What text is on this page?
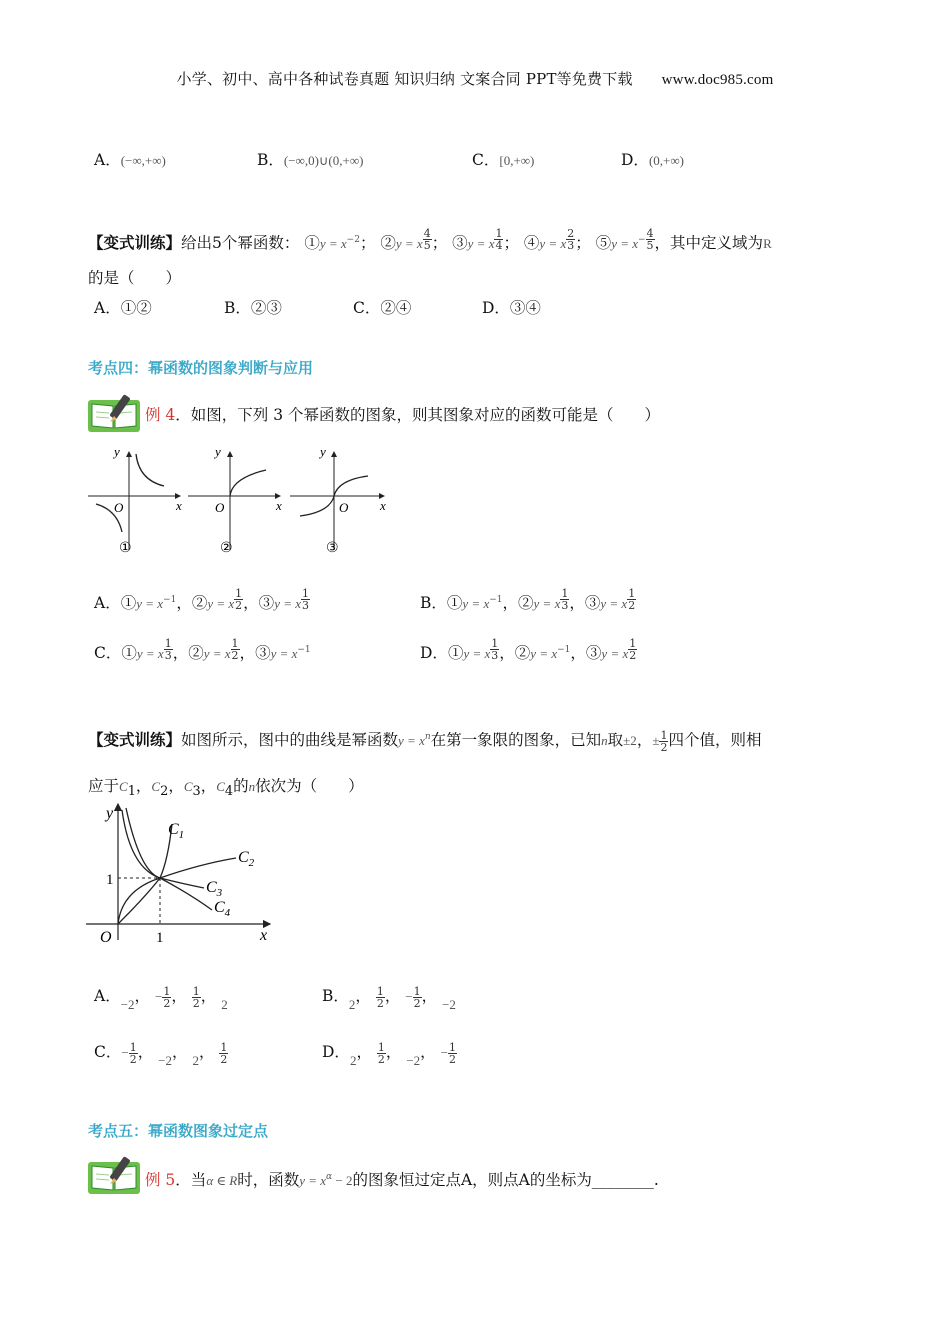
小学、初中、高中各种试卷真题 知识归纳 文案合同 PPT等免费下载 www.doc985.com
A．(−∞,+∞)	B．(−∞,0)∪(0,+∞)	C．[0,+∞)	D．(0,+∞)
【变式训练】给出5个幂函数： ①y = $x^{-2}$； ②y = x $^{\frac{4}{5}}$ ； ③y = x $^{\frac{1}{4}}$ ； ④y = x $^{\frac{2}{3}}$ ； ⑤y = $x^{- \frac{4}{5}}$ ，其中定义域为R
的是（　　）
A．①②	B．②③	C．②④	D．③④
考点四：幂函数的图象判断与应用
例 4．如图，下列 3 个幂函数的图象，则其图象对应的函数可能是（　　）
y
x
O
①
y
x
O
②
y
x
O
③
A．①y = $x^{-1}$，②y = x $^{\frac{1}{2}}$ ，③y = x $^{\frac{1}{3}}$	B．①y = $x^{-1}$，②y = x $^{\frac{1}{3}}$ ，③y = x $^{\frac{1}{2}}$
C．①y = x $^{\frac{1}{3}}$ ，②y = x $^{\frac{1}{2}}$ ，③y = $x^{-1}$	D．①y = x $^{\frac{1}{3}}$ ，②y = $x^{-1}$，③y = x $^{\frac{1}{2}}$
【变式训练】如图所示，图中的曲线是幂函数$y = x^n$在第一象限的图象，已知n取±2，± $\frac{1}{2}$ 四个值，则相
应于$C_1$，$C_2$，$C_3$，$C_4$的n依次为（　　）
y
x
O
1
1
$C_1$
$C_2$
$C_3$
$C_4$
A．$_{-2}$， − $\frac{1}{2}$ ， $\frac{1}{2}$ ， $_2$	B．$_2$， $\frac{1}{2}$ ， − $\frac{1}{2}$ ， $_{-2}$
C．− $\frac{1}{2}$ ， $_{-2}$， $_2$， $\frac{1}{2}$	D．$_2$， $\frac{1}{2}$ ， $_{-2}$， − $\frac{1}{2}$
考点五：幂函数图象过定点
例 5．当α ∈ R时，函数$y = x^\alpha - 2$的图象恒过定点A，则点A的坐标为________.
